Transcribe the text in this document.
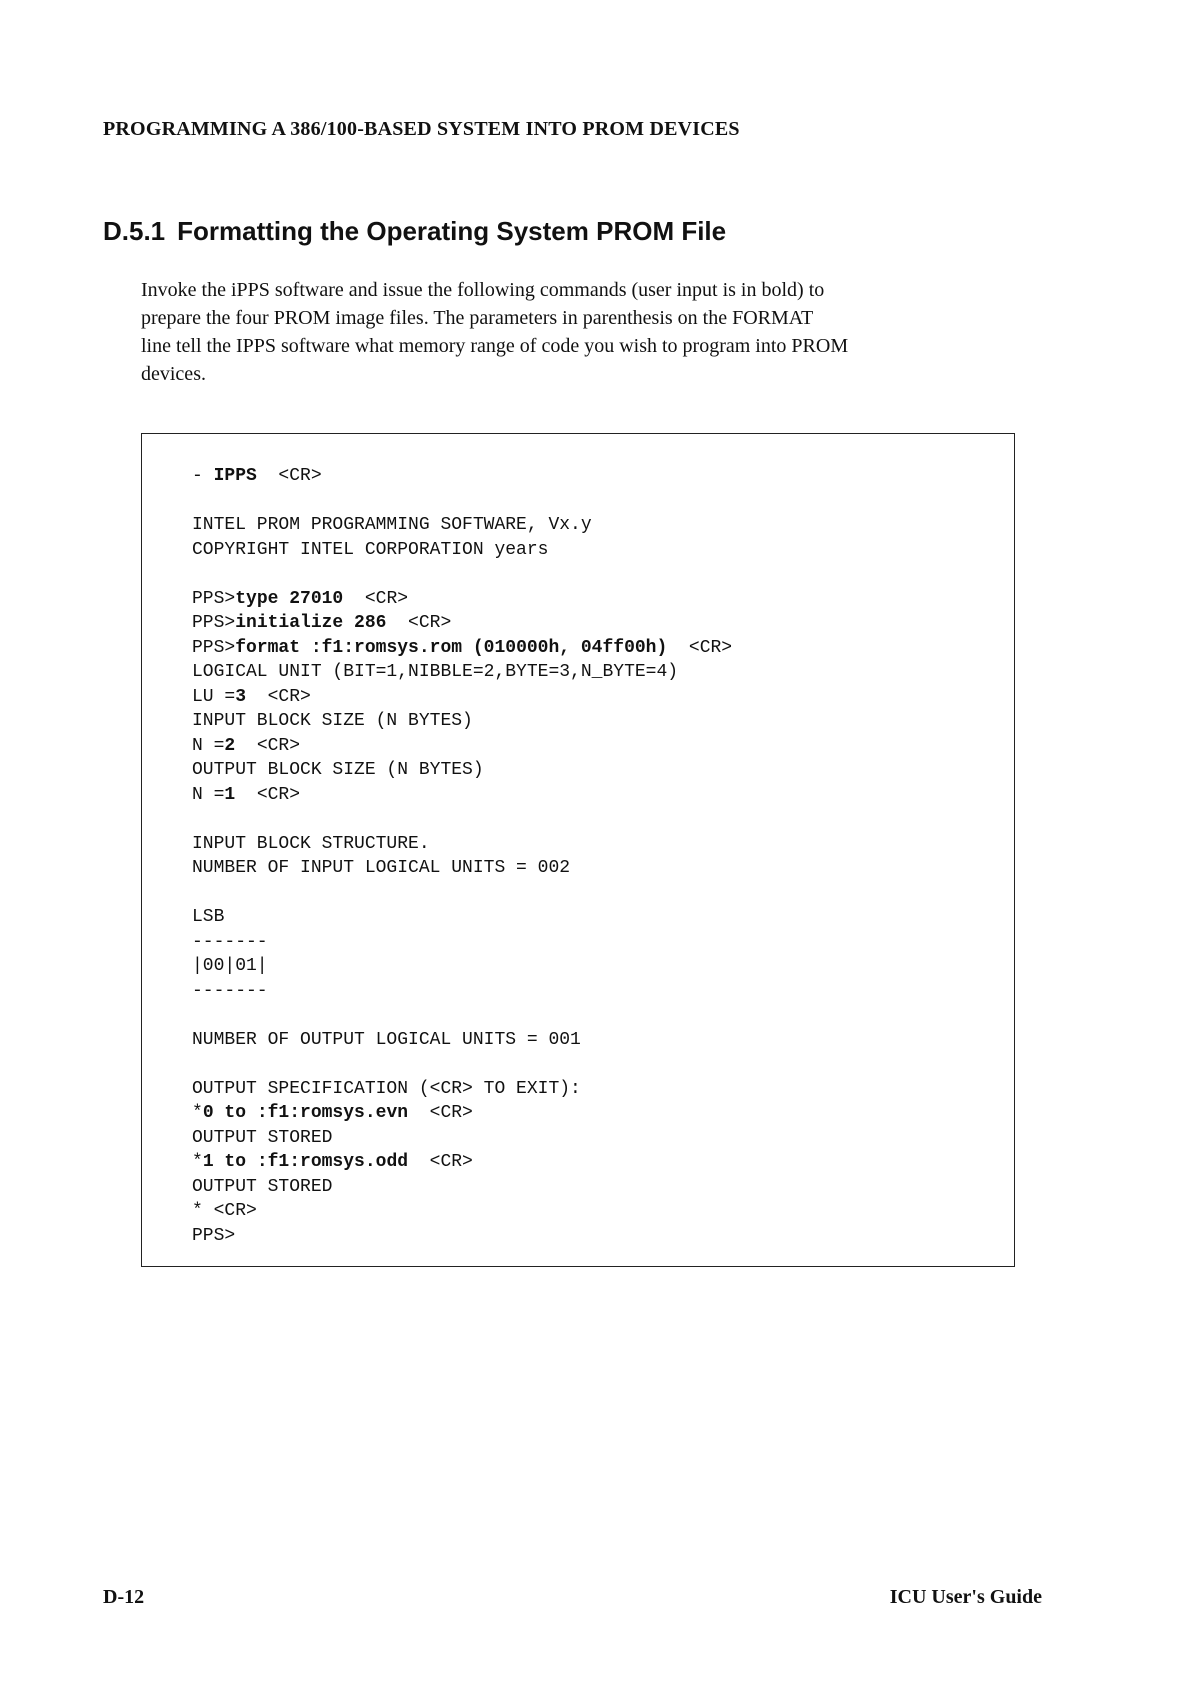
PROGRAMMING A 386/100-BASED SYSTEM INTO PROM DEVICES
D.5.1 Formatting the Operating System PROM File
Invoke the iPPS software and issue the following commands (user input is in bold) to
prepare the four PROM image files. The parameters in parenthesis on the FORMAT
line tell the IPPS software what memory range of code you wish to program into PROM
devices.
- IPPS  <CR>
INTEL PROM PROGRAMMING SOFTWARE, Vx.y
COPYRIGHT INTEL CORPORATION years
PPS>type 27010  <CR>
PPS>initialize 286  <CR>
PPS>format :f1:romsys.rom (010000h, 04ff00h)  <CR>
LOGICAL UNIT (BIT=1,NIBBLE=2,BYTE=3,N_BYTE=4)
LU =3  <CR>
INPUT BLOCK SIZE (N BYTES)
N =2  <CR>
OUTPUT BLOCK SIZE (N BYTES)
N =1  <CR>
INPUT BLOCK STRUCTURE.
NUMBER OF INPUT LOGICAL UNITS = 002
LSB
-------
|00|01|
-------
NUMBER OF OUTPUT LOGICAL UNITS = 001
OUTPUT SPECIFICATION (<CR> TO EXIT):
*0 to :f1:romsys.evn  <CR>
OUTPUT STORED
*1 to :f1:romsys.odd  <CR>
OUTPUT STORED
* <CR>
PPS>
D-12	ICU User's Guide
